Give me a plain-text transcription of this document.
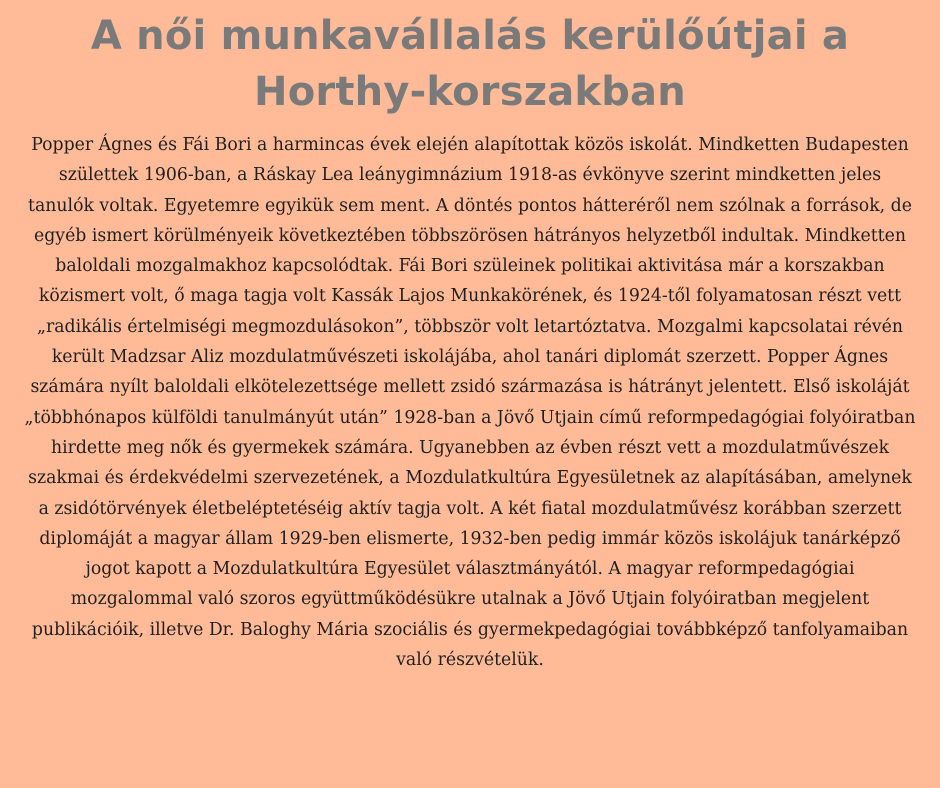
A női munkavállalás kerülőútjai a Horthy-korszakban

Popper Ágnes és Fái Bori a harmincas évek elején alapítottak közös iskolát. Mindketten Budapesten születtek 1906-ban, a Ráskay Lea leánygimnázium 1918-as évkönyve szerint mindketten jeles tanulók voltak. Egyetemre egyikük sem ment. A döntés pontos hátteréről nem szólnak a források, de egyéb ismert körülményeik következtében többszörösen hátrányos helyzetből indultak. Mindketten baloldali mozgalmakhoz kapcsolódtak. Fái Bori szüleinek politikai aktivitása már a korszakban közismert volt, ő maga tagja volt Kassák Lajos Munkakörének, és 1924-től folyamatosan részt vett „radikális értelmiségi megmozdulásokon”, többször volt letartóztatva. Mozgalmi kapcsolatai révén került Madzsar Aliz mozdulatművészeti iskolájába, ahol tanári diplomát szerzett. Popper Ágnes számára nyílt baloldali elkötelezettsége mellett zsidó származása is hátrányt jelentett. Első iskoláját „többhónapos külföldi tanulmányút után” 1928-ban a Jövő Utjain című reformpedagógiai folyóiratban hirdette meg nők és gyermekek számára. Ugyanebben az évben részt vett a mozdulatművészek szakmai és érdekvédelmi szervezetének, a Mozdulatkultúra Egyesületnek az alapításában, amelynek a zsidótörvények életbeléptetéséig aktív tagja volt. A két fiatal mozdulatművész korábban szerzett diplomáját a magyar állam 1929-ben elismerte, 1932-ben pedig immár közös iskolájuk tanárképző jogot kapott a Mozdulatkultúra Egyesület választmányától. A magyar reformpedagógiai mozgalommal való szoros együttműködésükre utalnak a Jövő Utjain folyóiratban megjelent publikációik, illetve Dr. Baloghy Mária szociális és gyermekpedagógiai továbbképző tanfolyamaiban való részvételük.
